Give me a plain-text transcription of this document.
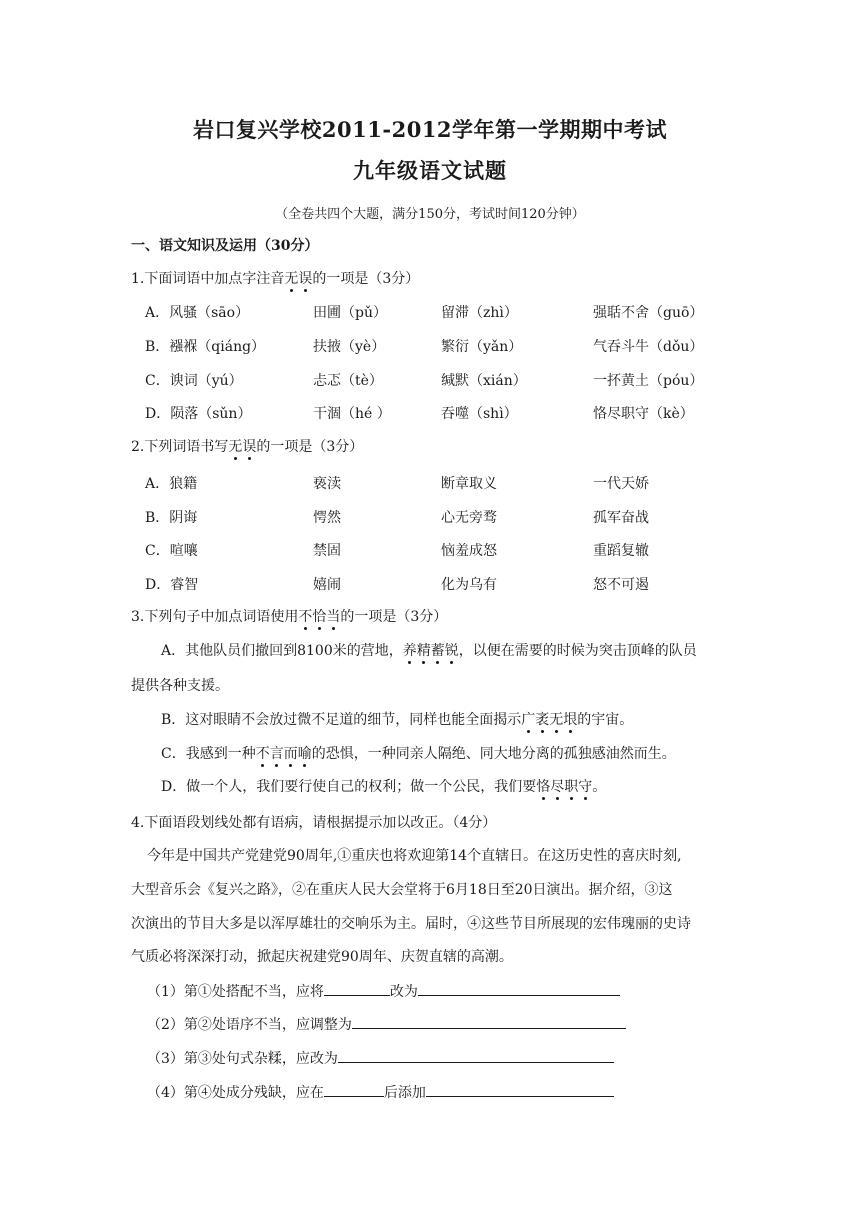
岩口复兴学校2011-2012学年第一学期期中考试
九年级语文试题
（全卷共四个大题，满分150分，考试时间120分钟）
一、语文知识及运用（30分）
1.下面词语中加点字注音无误的一项是（3分）
A．风骚（sāo）	田圃（pǔ）	留滞（zhì）	强聒不舍（guō）
B．襁褓（qiáng）	扶掖（yè）	繁衍（yǎn）	气吞斗牛（dǒu）
C．谀词（yú）	忐忑（tè）	缄默（xián）	一抔黄土（póu）
D．陨落（sǔn）	干涸（hé ）	吞噬（shì）	恪尽职守（kè）
2.下列词语书写无误的一项是（3分）
A．狼籍	亵渎	断章取义	一代天娇
B．阴诲	愕然	心无旁骛	孤军奋战
C．喧嚷	禁固	恼羞成怒	重蹈复辙
D．睿智	嬉闹	化为乌有	怒不可遏
3.下列句子中加点词语使用不恰当的一项是（3分）
A．其他队员们撤回到8100米的营地，养精蓄锐，以便在需要的时候为突击顶峰的队员
提供各种支援。
B．这对眼睛不会放过微不足道的细节，同样也能全面揭示广袤无垠的宇宙。
C．我感到一种不言而喻的恐惧，一种同亲人隔绝、同大地分离的孤独感油然而生。
D．做一个人，我们要行使自己的权利；做一个公民，我们要恪尽职守。
4.下面语段划线处都有语病，请根据提示加以改正。（4分）
今年是中国共产党建党90周年,①重庆也将欢迎第14个直辖日。在这历史性的喜庆时刻,
大型音乐会《复兴之路》，②在重庆人民大会堂将于6月18日至20日演出。据介绍，③这
次演出的节目大多是以浑厚雄壮的交响乐为主。届时，④这些节目所展现的宏伟瑰丽的史诗
气质必将深深打动，掀起庆祝建党90周年、庆贺直辖的高潮。
（1）第①处搭配不当，应将	改为
（2）第②处语序不当，应调整为
（3）第③处句式杂糅，应改为
（4）第④处成分残缺，应在	后添加
